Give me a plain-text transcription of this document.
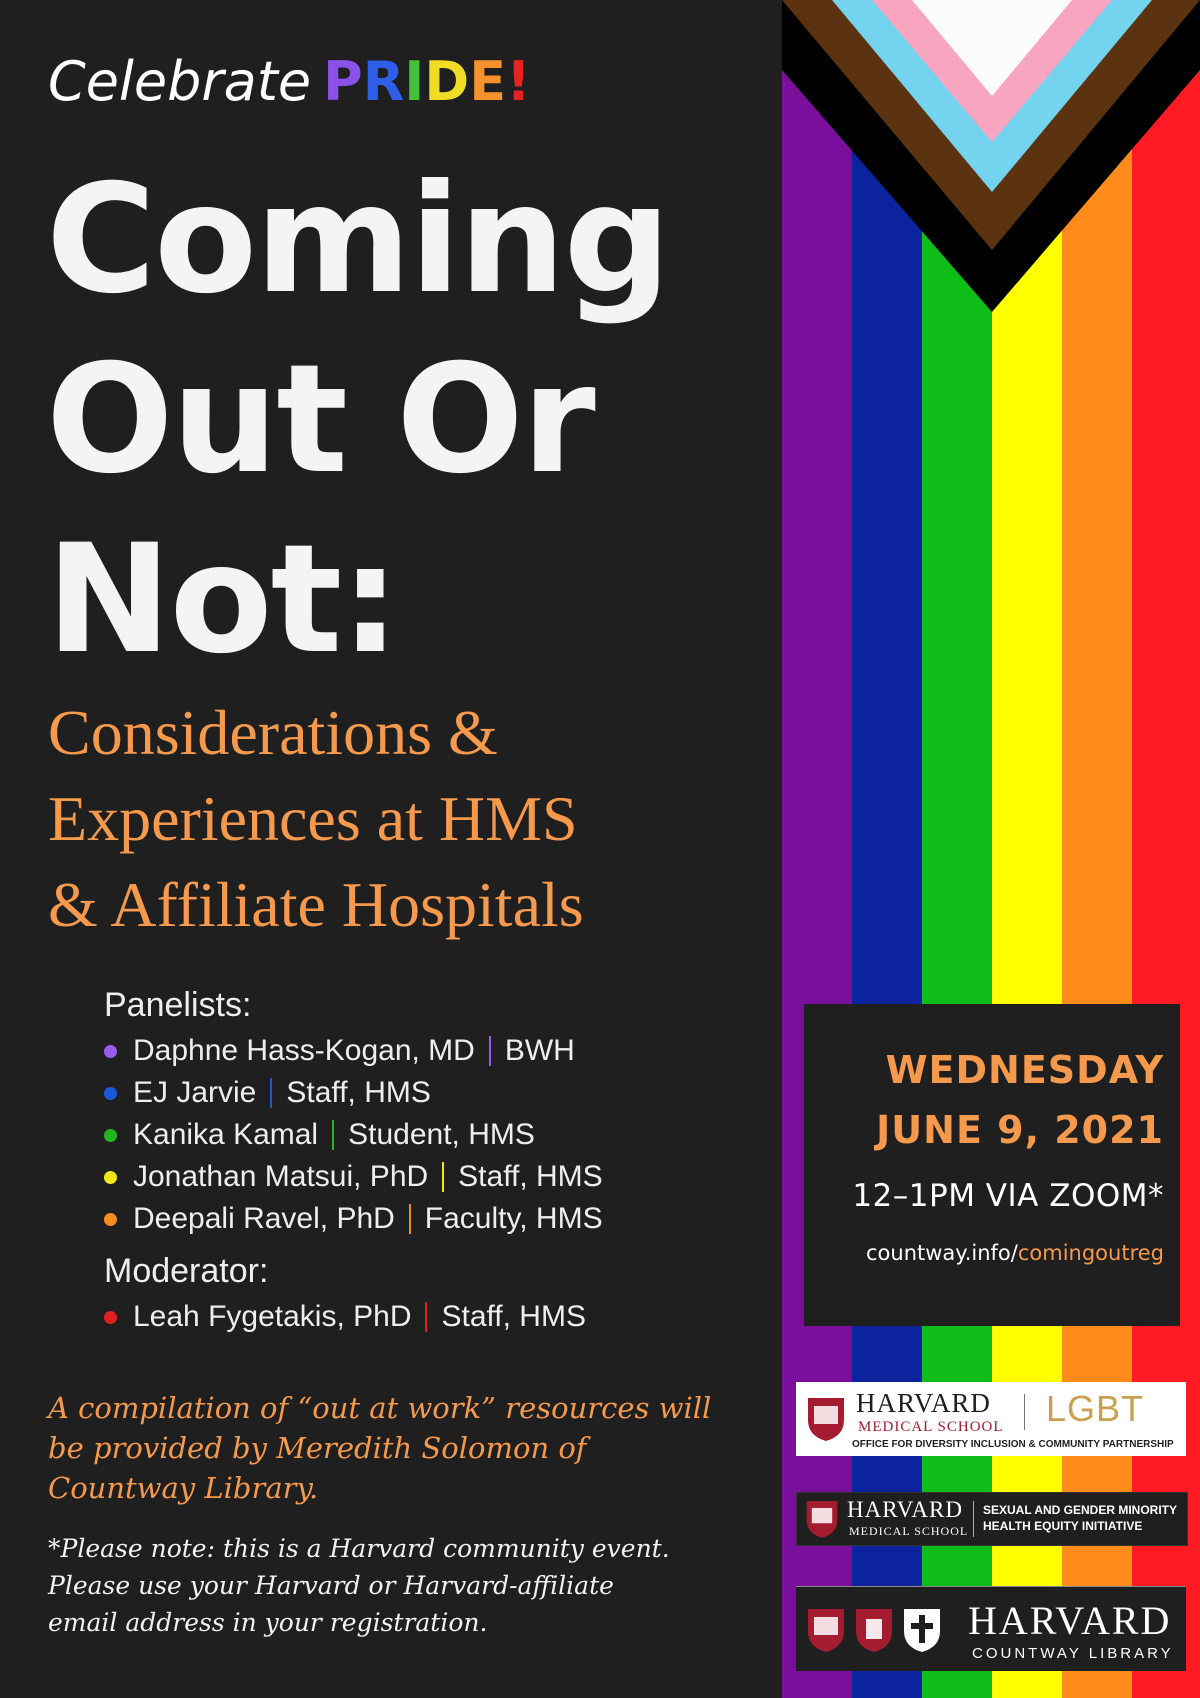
Celebrate PRIDE!
Coming
Out Or
Not:
Considerations &
Experiences at HMS
& Affiliate Hospitals
Panelists:
Daphne Hass-Kogan, MD BWH
EJ Jarvie Staff, HMS
Kanika Kamal Student, HMS
Jonathan Matsui, PhD Staff, HMS
Deepali Ravel, PhD Faculty, HMS
Moderator:
Leah Fygetakis, PhD Staff, HMS
A compilation of “out at work” resources will
be provided by Meredith Solomon of
Countway Library.
*Please note: this is a Harvard community event.
Please use your Harvard or Harvard-affiliate
email address in your registration.
WEDNESDAY
JUNE 9, 2021
12–1PM VIA ZOOM*
countway.info/comingoutreg
HARVARD
MEDICAL SCHOOL LGBT
OFFICE FOR DIVERSITY INCLUSION & COMMUNITY PARTNERSHIP
HARVARD
MEDICAL SCHOOL
SEXUAL AND GENDER MINORITY
HEALTH EQUITY INITIATIVE
HARVARD
COUNTWAY LIBRARY
